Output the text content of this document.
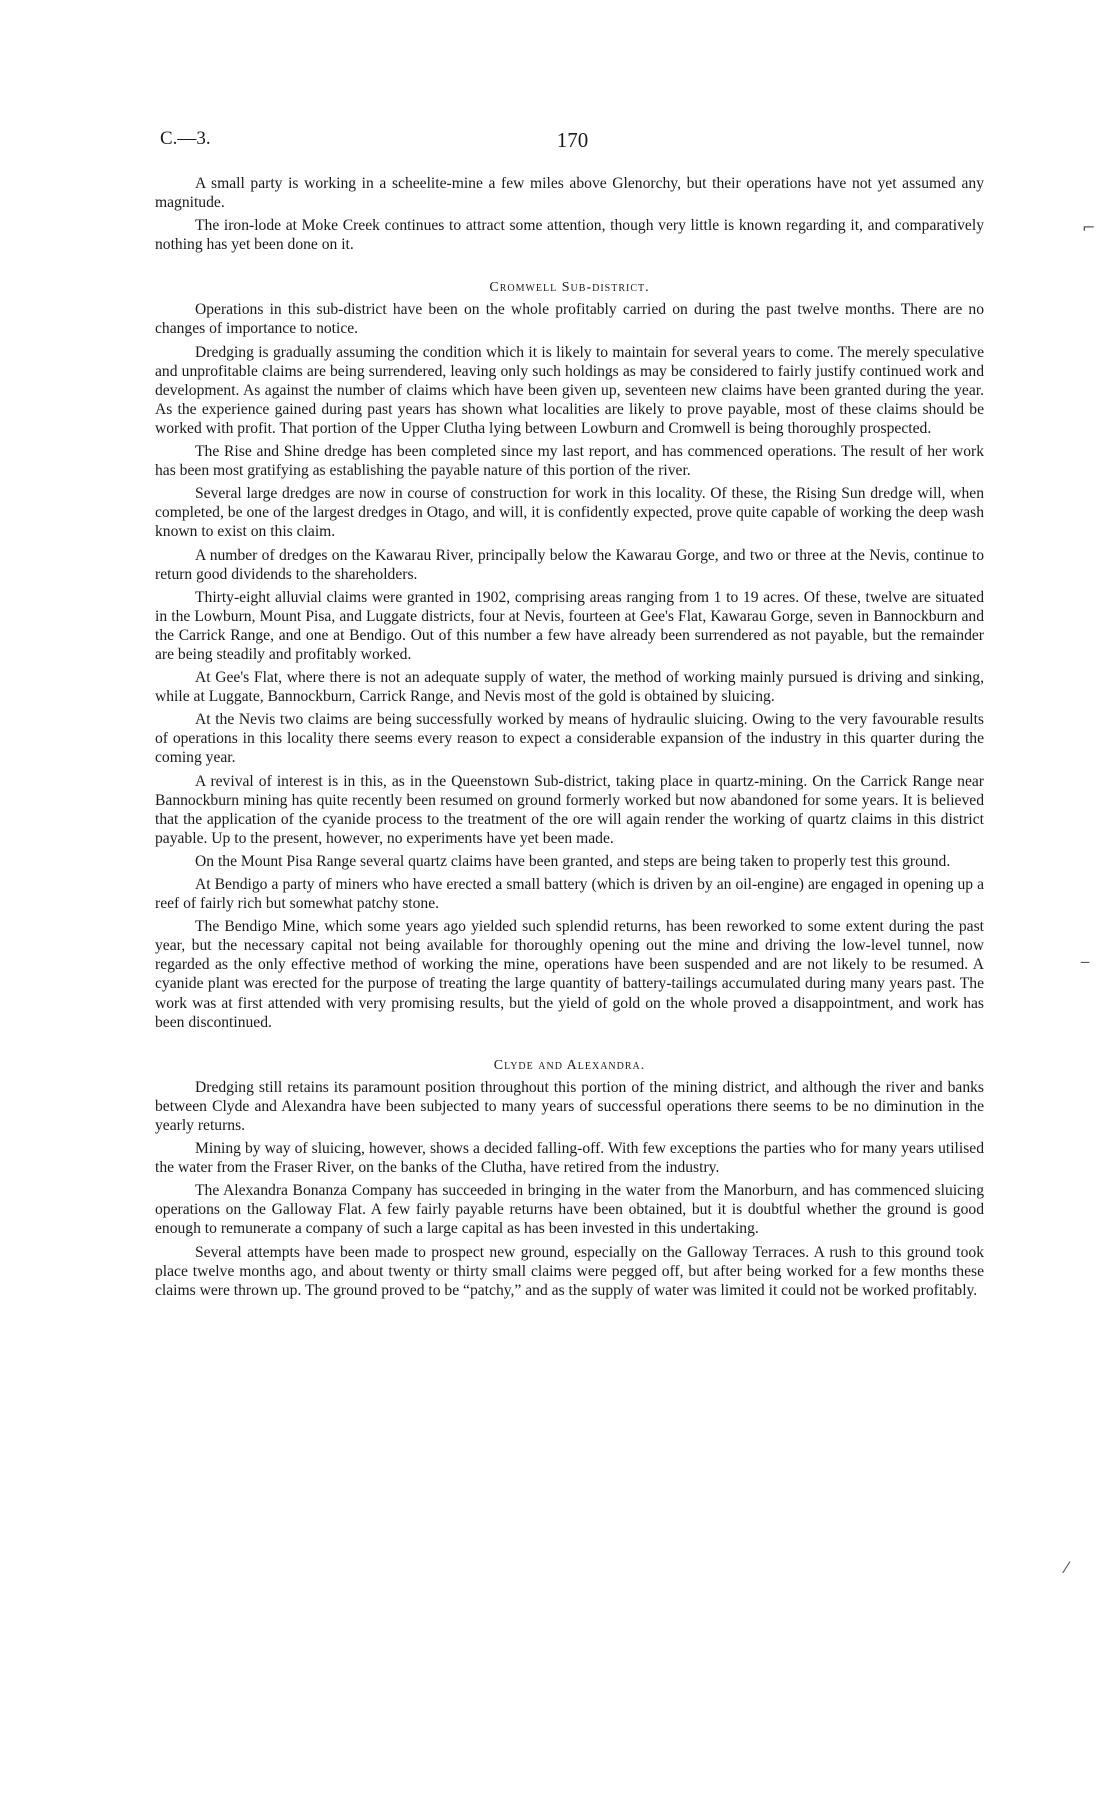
C.—3.	170
⌐
‒
⁄

A small party is working in a scheelite-mine a few miles above Glenorchy, but their operations have not yet assumed any magnitude.

The iron-lode at Moke Creek continues to attract some attention, though very little is known regarding it, and comparatively nothing has yet been done on it.

Cromwell Sub-district.

Operations in this sub-district have been on the whole profitably carried on during the past twelve months. There are no changes of importance to notice.

Dredging is gradually assuming the condition which it is likely to maintain for several years to come. The merely speculative and unprofitable claims are being surrendered, leaving only such holdings as may be considered to fairly justify continued work and development. As against the number of claims which have been given up, seventeen new claims have been granted during the year. As the experience gained during past years has shown what localities are likely to prove payable, most of these claims should be worked with profit. That portion of the Upper Clutha lying between Lowburn and Cromwell is being thoroughly prospected.

The Rise and Shine dredge has been completed since my last report, and has commenced operations. The result of her work has been most gratifying as establishing the payable nature of this portion of the river.

Several large dredges are now in course of construction for work in this locality. Of these, the Rising Sun dredge will, when completed, be one of the largest dredges in Otago, and will, it is confidently expected, prove quite capable of working the deep wash known to exist on this claim.

A number of dredges on the Kawarau River, principally below the Kawarau Gorge, and two or three at the Nevis, continue to return good dividends to the shareholders.

Thirty-eight alluvial claims were granted in 1902, comprising areas ranging from 1 to 19 acres. Of these, twelve are situated in the Lowburn, Mount Pisa, and Luggate districts, four at Nevis, fourteen at Gee's Flat, Kawarau Gorge, seven in Bannockburn and the Carrick Range, and one at Bendigo. Out of this number a few have already been surrendered as not payable, but the remainder are being steadily and profitably worked.

At Gee's Flat, where there is not an adequate supply of water, the method of working mainly pursued is driving and sinking, while at Luggate, Bannockburn, Carrick Range, and Nevis most of the gold is obtained by sluicing.

At the Nevis two claims are being successfully worked by means of hydraulic sluicing. Owing to the very favourable results of operations in this locality there seems every reason to expect a considerable expansion of the industry in this quarter during the coming year.

A revival of interest is in this, as in the Queenstown Sub-district, taking place in quartz-mining. On the Carrick Range near Bannockburn mining has quite recently been resumed on ground formerly worked but now abandoned for some years. It is believed that the application of the cyanide process to the treatment of the ore will again render the working of quartz claims in this district payable. Up to the present, however, no experiments have yet been made.

On the Mount Pisa Range several quartz claims have been granted, and steps are being taken to properly test this ground.

At Bendigo a party of miners who have erected a small battery (which is driven by an oil-engine) are engaged in opening up a reef of fairly rich but somewhat patchy stone.

The Bendigo Mine, which some years ago yielded such splendid returns, has been reworked to some extent during the past year, but the necessary capital not being available for thoroughly opening out the mine and driving the low-level tunnel, now regarded as the only effective method of working the mine, operations have been suspended and are not likely to be resumed. A cyanide plant was erected for the purpose of treating the large quantity of battery-tailings accumulated during many years past. The work was at first attended with very promising results, but the yield of gold on the whole proved a disappointment, and work has been discontinued.

Clyde and Alexandra.

Dredging still retains its paramount position throughout this portion of the mining district, and although the river and banks between Clyde and Alexandra have been subjected to many years of successful operations there seems to be no diminution in the yearly returns.

Mining by way of sluicing, however, shows a decided falling-off. With few exceptions the parties who for many years utilised the water from the Fraser River, on the banks of the Clutha, have retired from the industry.

The Alexandra Bonanza Company has succeeded in bringing in the water from the Manorburn, and has commenced sluicing operations on the Galloway Flat. A few fairly payable returns have been obtained, but it is doubtful whether the ground is good enough to remunerate a company of such a large capital as has been invested in this undertaking.

Several attempts have been made to prospect new ground, especially on the Galloway Terraces. A rush to this ground took place twelve months ago, and about twenty or thirty small claims were pegged off, but after being worked for a few months these claims were thrown up. The ground proved to be “patchy,” and as the supply of water was limited it could not be worked profitably.
